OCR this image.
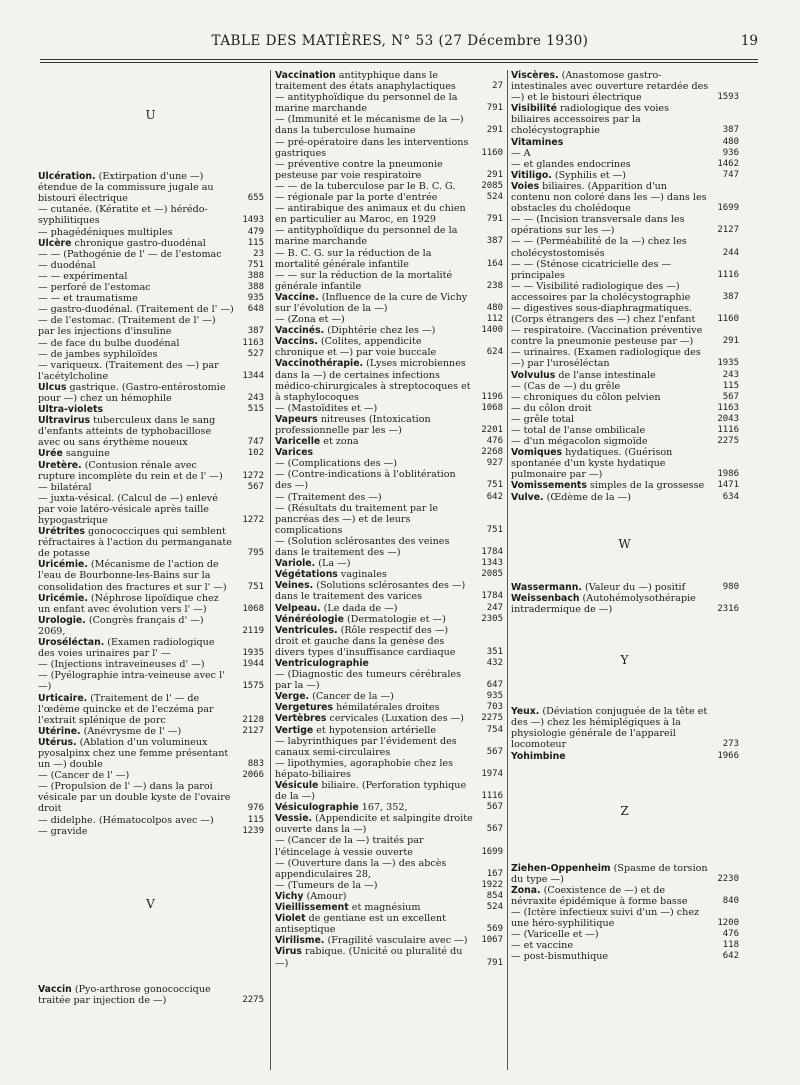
TABLE DES MATIÈRES, N° 53 (27 Décembre 1930)	19
U
Ulcération. (Extirpation d'une —) étendue de la commissure jugale au bistouri électrique	655
— cutanée. (Kératite et —) hérédo-syphilitiques	1493
— phagédéniques multiples	479
Ulcère chronique gastro-duodénal	115
— — (Pathogénie de l' — de l'estomac	23
— duodénal	751
— — expérimental	388
— perforé de l'estomac	388
— — et traumatisme	935
— gastro-duodénal. (Traitement de l' —) 648
— de l'estomac. (Traitement de l' —) par les injections d'insuline	387
— de face du bulbe duodénal	1163
— de jambes syphiloïdes	527
— variqueux. (Traitement des —) par l'acétylcholine	1344
Ulcus gastrique. (Gastro-entérostomie pour —) chez un hémophile	243
Ultra-violets	515
Ultravirus tuberculeux dans le sang d'enfants atteints de typhobacillose avec ou sans érythème noueux	747
Urée sanguine	102
Uretère. (Contusion rénale avec rupture incomplète du rein et de l' —) 1272
— bilatéral	567
— juxta-vésical. (Calcul de —) enlevé par voie latéro-vésicale après taille hypogastrique	1272
Urétrites gonococciques qui semblent réfractaires à l'action du permanganate de potasse	795
Uricémie. (Mécanisme de l'action de l'eau de Bourbonne-les-Bains sur la consolidation des fractures et sur l' —) 751
Uricémie. (Néphrose lipoïdique chez un enfant avec évolution vers l' —)	1068
Urologie. (Congrès français d' —) 2069,	2119
Uroséléctan. (Examen radiologique des voies urinaires par l' —	1935
— (Injections intraveineuses d' —)	1944
— (Pyélographie intra-veineuse avec l' —)	1575
Urticaire. (Traitement de l' — de l'œdème quincke et de l'eczéma par l'extrait splénique de porc	2128
Utérine. (Anévrysme de l' —)	2127
Utérus. (Ablation d'un volumineux pyosalpinx chez une femme présentant un —) double	883
— (Cancer de l' —)	2066
— (Propulsion de l' —) dans la paroi vésicale par un double kyste de l'ovaire droit	976
— didelphe. (Hématocolpos avec —)	115
— gravide	1239
V
Vaccin (Pyo-arthrose gonococcique traitée par injection de —)	2275
Vaccination antityphique dans le traitement des états anaphylactiques	27
— antityphoïdique du personnel de la marine marchande	791
— (Immunité et le mécanisme de la —) dans la tuberculose humaine	291
— pré-opératoire dans les interventions gastriques	1160
— préventive contre la pneumonie pesteuse par voie respiratoire	291
— — de la tuberculose par le B. C. G.	2085
— régionale par la porte d'entrée	524
— antirabique des animaux et du chien en particulier au Maroc, en 1929	791
— antityphoïdique du personnel de la marine marchande	387
— B. C. G. sur la réduction de la mortalité générale infantile	164
— — sur la réduction de la mortalité générale infantile	238
Vaccine. (Influence de la cure de Vichy sur l'évolution de la —)	480
— (Zona et —)	112
Vaccinés. (Diphtérie chez les —)	1400
Vaccins. (Colites, appendicite chronique et —) par voie buccale	624
Vaccinothérapie. (Lyses microbiennes dans la —) de certaines infections médico-chirurgicales à streptocoques et à staphylocoques	1196
— (Mastoïdites et —)	1068
Vapeurs nitreuses (Intoxication professionnelle par les —)	2201
Varicelle et zona	476
Varices	2268
— (Complications des —)	927
— (Contre-indications à l'oblitération des —)	751
— (Traitement des —)	642
— (Résultats du traitement par le pancréas des —) et de leurs complications	751
— (Solution sclérosantes des veines dans le traitement des —)	1784
Variole. (La —)	1343
Végétations vaginales	2085
Veines. (Solutions sclérosantes des —) dans le traitement des varices	1784
Velpeau. (Le dada de —)	247
Vénéréologie (Dermatologie et —)	2305
Ventricules. (Rôle respectif des —) droit et gauche dans la genèse des divers types d'insuffisance cardiaque	351
Ventriculographie	432
— (Diagnostic des tumeurs cérébrales par la —)	647
Verge. (Cancer de la —)	935
Vergetures hémilatérales droites	703
Vertèbres cervicales (Luxation des —) 2275
Vertige et hypotension artérielle	754
— labyrinthiques par l'évidement des canaux semi-circulaires	567
— lipothymies, agoraphobie chez les hépato-biliaires	1974
Vésicule biliaire. (Perforation typhique de la —)	1116
Vésiculographie 167, 352,	567
Vessie. (Appendicite et salpingite droite ouverte dans la —)	567
— (Cancer de la —) traités par l'étincelage à vessie ouverte	1699
— (Ouverture dans la —) des abcès appendiculaires 28,	167
— (Tumeurs de la —)	1922
Vichy (Amour)	854
Vieillissement et magnésium	524
Violet de gentiane est un excellent antiseptique	569
Virilisme. (Fragilité vasculaire avec —) 1067
Virus rabique. (Unicité ou pluralité du —)	791
Viscères. (Anastomose gastro-intestinales avec ouverture retardée des —) et le bistouri électrique	1593
Visibilité radiologique des voies biliaires accessoires par la cholécystographie	387
Vitamines	480
— A	936
— et glandes endocrines	1462
Vitiligo. (Syphilis et —)	747
Voies biliaires. (Apparition d'un contenu non coloré dans les —) dans les obstacles du cholédoque	1699
— — (Incision transversale dans les opérations sur les —)	2127
— — (Perméabilité de la —) chez les cholécystostomisés	244
— — (Sténose cicatricielle des — principales	1116
— — Visibilité radiologique des —) accessoires par la cholécystographie	387
— digestives sous-diaphragmatiques. (Corps étrangers des —) chez l'enfant 1160
— respiratoire. (Vaccination préventive contre la pneumonie pesteuse par —)	291
— urinaires. (Examen radiologique des —) par l'uroséléctan	1935
Volvulus de l'anse intestinale	243
— (Cas de —) du grêle	115
— chroniques du côlon pelvien	567
— du côlon droit	1163
— grêle total	2043
— total de l'anse ombilicale	1116
— d'un mégacolon sigmoïde	2275
Vomiques hydatiques. (Guérison spontanée d'un kyste hydatique pulmonaire par —)	1986
Vomissements simples de la grossesse 1471
Vulve. (Œdème de la —)	634
W
Wassermann. (Valeur du —) positif	980
Weissenbach (Autohémolysothérapie intradermique de —)	2316
Y
Yeux. (Déviation conjuguée de la tête et des —) chez les hémiplégiques à la physiologie générale de l'appareil locomoteur	273
Yohimbine	1966
Z
Ziehen-Oppenheim (Spasme de torsion du type —)	2230
Zona. (Coexistence de —) et de névraxite épidémique à forme basse	840
— (Ictère infectieux suivi d'un —) chez une héro-syphilitique	1200
— (Varicelle et —)	476
— et vaccine	118
— post-bismuthique	642
